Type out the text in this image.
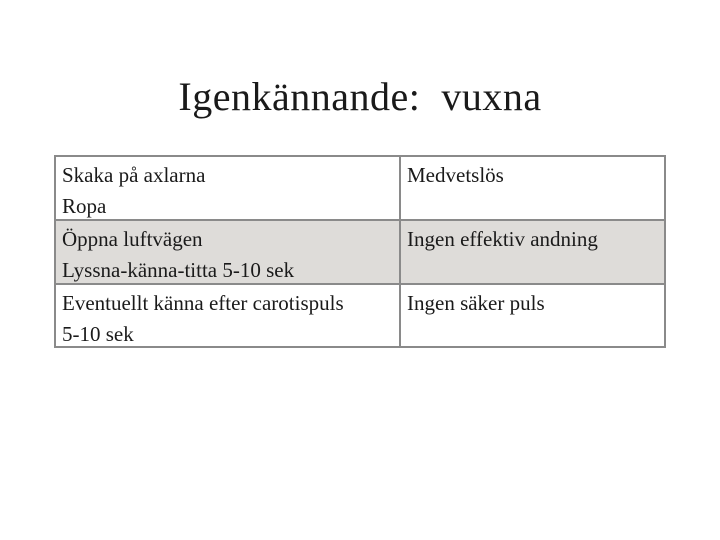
Igenkännande:  vuxna
Skaka på axlarna
Ropa
Medvetslös
Öppna luftvägen
Lyssna-känna-titta 5-10 sek
Ingen effektiv andning
Eventuellt känna efter carotispuls
5-10 sek
Ingen säker puls
